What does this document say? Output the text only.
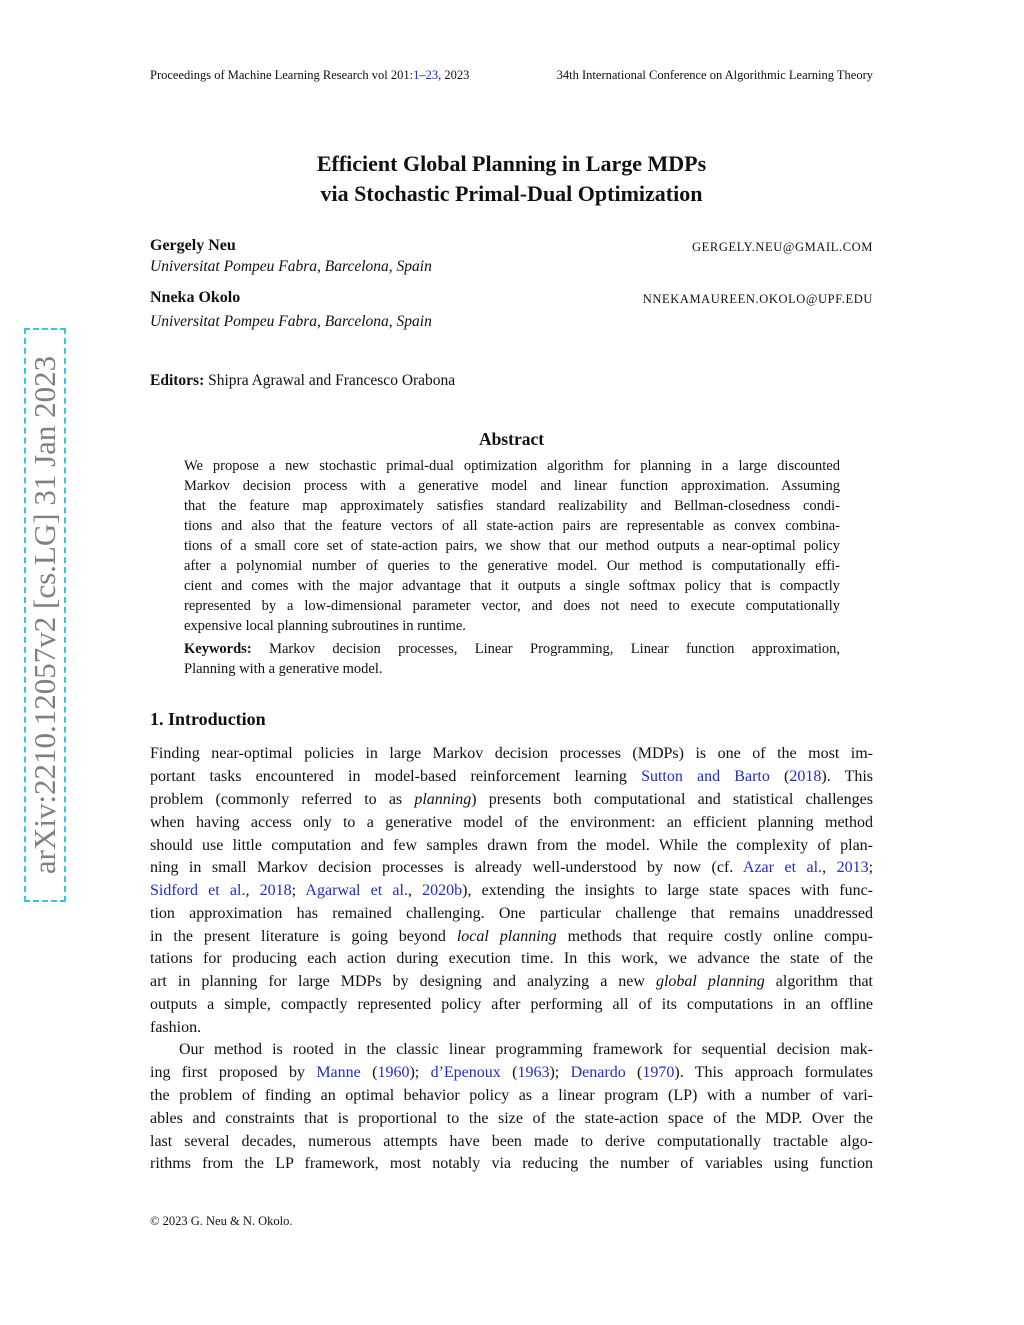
Proceedings of Machine Learning Research vol 201:1–23, 2023	34th International Conference on Algorithmic Learning Theory
Efficient Global Planning in Large MDPs
via Stochastic Primal-Dual Optimization
Gergely Neu	GERGELY.NEU@GMAIL.COM
Universitat Pompeu Fabra, Barcelona, Spain
Nneka Okolo	NNEKAMAUREEN.OKOLO@UPF.EDU
Universitat Pompeu Fabra, Barcelona, Spain
Editors: Shipra Agrawal and Francesco Orabona
Abstract
We propose a new stochastic primal-dual optimization algorithm for planning in a large discounted
Markov decision process with a generative model and linear function approximation. Assuming
that the feature map approximately satisfies standard realizability and Bellman-closedness condi-
tions and also that the feature vectors of all state-action pairs are representable as convex combina-
tions of a small core set of state-action pairs, we show that our method outputs a near-optimal policy
after a polynomial number of queries to the generative model. Our method is computationally effi-
cient and comes with the major advantage that it outputs a single softmax policy that is compactly
represented by a low-dimensional parameter vector, and does not need to execute computationally
expensive local planning subroutines in runtime.
Keywords: Markov decision processes, Linear Programming, Linear function approximation,
Planning with a generative model.
1. Introduction
Finding near-optimal policies in large Markov decision processes (MDPs) is one of the most im-
portant tasks encountered in model-based reinforcement learning Sutton and Barto (2018). This
problem (commonly referred to as planning) presents both computational and statistical challenges
when having access only to a generative model of the environment: an efficient planning method
should use little computation and few samples drawn from the model. While the complexity of plan-
ning in small Markov decision processes is already well-understood by now (cf. Azar et al., 2013;
Sidford et al., 2018; Agarwal et al., 2020b), extending the insights to large state spaces with func-
tion approximation has remained challenging. One particular challenge that remains unaddressed
in the present literature is going beyond local planning methods that require costly online compu-
tations for producing each action during execution time. In this work, we advance the state of the
art in planning for large MDPs by designing and analyzing a new global planning algorithm that
outputs a simple, compactly represented policy after performing all of its computations in an offline
fashion.
Our method is rooted in the classic linear programming framework for sequential decision mak-
ing first proposed by Manne (1960); d’Epenoux (1963); Denardo (1970). This approach formulates
the problem of finding an optimal behavior policy as a linear program (LP) with a number of vari-
ables and constraints that is proportional to the size of the state-action space of the MDP. Over the
last several decades, numerous attempts have been made to derive computationally tractable algo-
rithms from the LP framework, most notably via reducing the number of variables using function
© 2023 G. Neu & N. Okolo.
arXiv:2210.12057v2 [cs.LG] 31 Jan 2023
